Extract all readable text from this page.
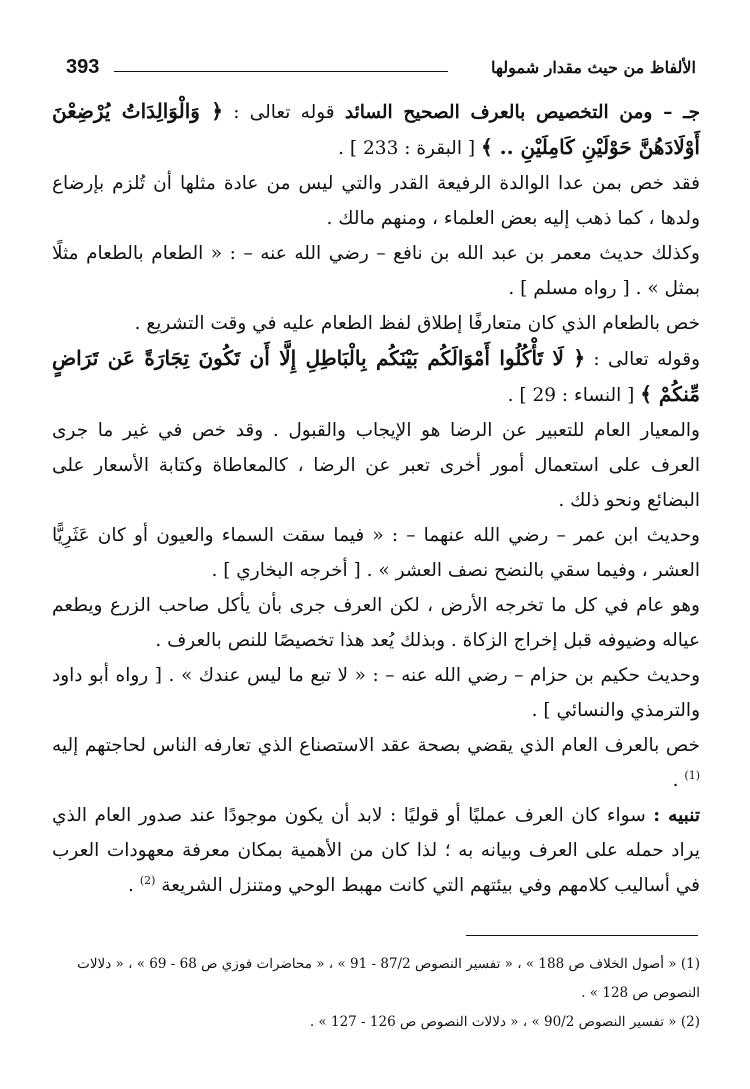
الألفاظ من حيث مقدار شمولها
393

جـ – ومن التخصيص بالعرف الصحيح السائد قوله تعالى : ﴿ وَالْوَالِدَاتُ يُرْضِعْنَ أَوْلَادَهُنَّ حَوْلَيْنِ كَامِلَيْنِ .. ﴾ [ البقرة : 233 ] .

فقد خص بمن عدا الوالدة الرفيعة القدر والتي ليس من عادة مثلها أن تُلزم بإرضاع ولدها ، كما ذهب إليه بعض العلماء ، ومنهم مالك .

وكذلك حديث معمر بن عبد الله بن نافع – رضي الله عنه – : « الطعام بالطعام مثلًا بمثل » . [ رواه مسلم ] .

خص بالطعام الذي كان متعارفًا إطلاق لفظ الطعام عليه في وقت التشريع .

وقوله تعالى : ﴿ لَا تَأْكُلُوا أَمْوَالَكُم بَيْنَكُم بِالْبَاطِلِ إِلَّا أَن تَكُونَ تِجَارَةً عَن تَرَاضٍ مِّنكُمْ ﴾ [ النساء : 29 ] .

والمعيار العام للتعبير عن الرضا هو الإيجاب والقبول . وقد خص في غير ما جرى العرف على استعمال أمور أخرى تعبر عن الرضا ، كالمعاطاة وكتابة الأسعار على البضائع ونحو ذلك .

وحديث ابن عمر – رضي الله عنهما – : « فيما سقت السماء والعيون أو كان عَثَرِيًّا العشر ، وفيما سقي بالنضح نصف العشر » . [ أخرجه البخاري ] .

وهو عام في كل ما تخرجه الأرض ، لكن العرف جرى بأن يأكل صاحب الزرع ويطعم عياله وضيوفه قبل إخراج الزكاة . وبذلك يُعد هذا تخصيصًا للنص بالعرف .

وحديث حكيم بن حزام – رضي الله عنه – : « لا تبع ما ليس عندك » . [ رواه أبو داود والترمذي والنسائي ] .

خص بالعرف العام الذي يقضي بصحة عقد الاستصناع الذي تعارفه الناس لحاجتهم إليه $^{(1)}$ .

تنبيه : سواء كان العرف عمليًا أو قوليًا : لابد أن يكون موجودًا عند صدور العام الذي يراد حمله على العرف وبيانه به ؛ لذا كان من الأهمية بمكان معرفة معهودات العرب في أساليب كلامهم وفي بيئتهم التي كانت مهبط الوحي ومتنزل الشريعة $^{(2)}$ .

(1) « أصول الخلاف ص 188 » ، « تفسير النصوص 87/2 - 91 » ، « محاضرات فوزي ص 68 - 69 » ، « دلالات النصوص ص 128 » .

(2) « تفسير النصوص 90/2 » ، « دلالات النصوص ص 126 - 127 » .
